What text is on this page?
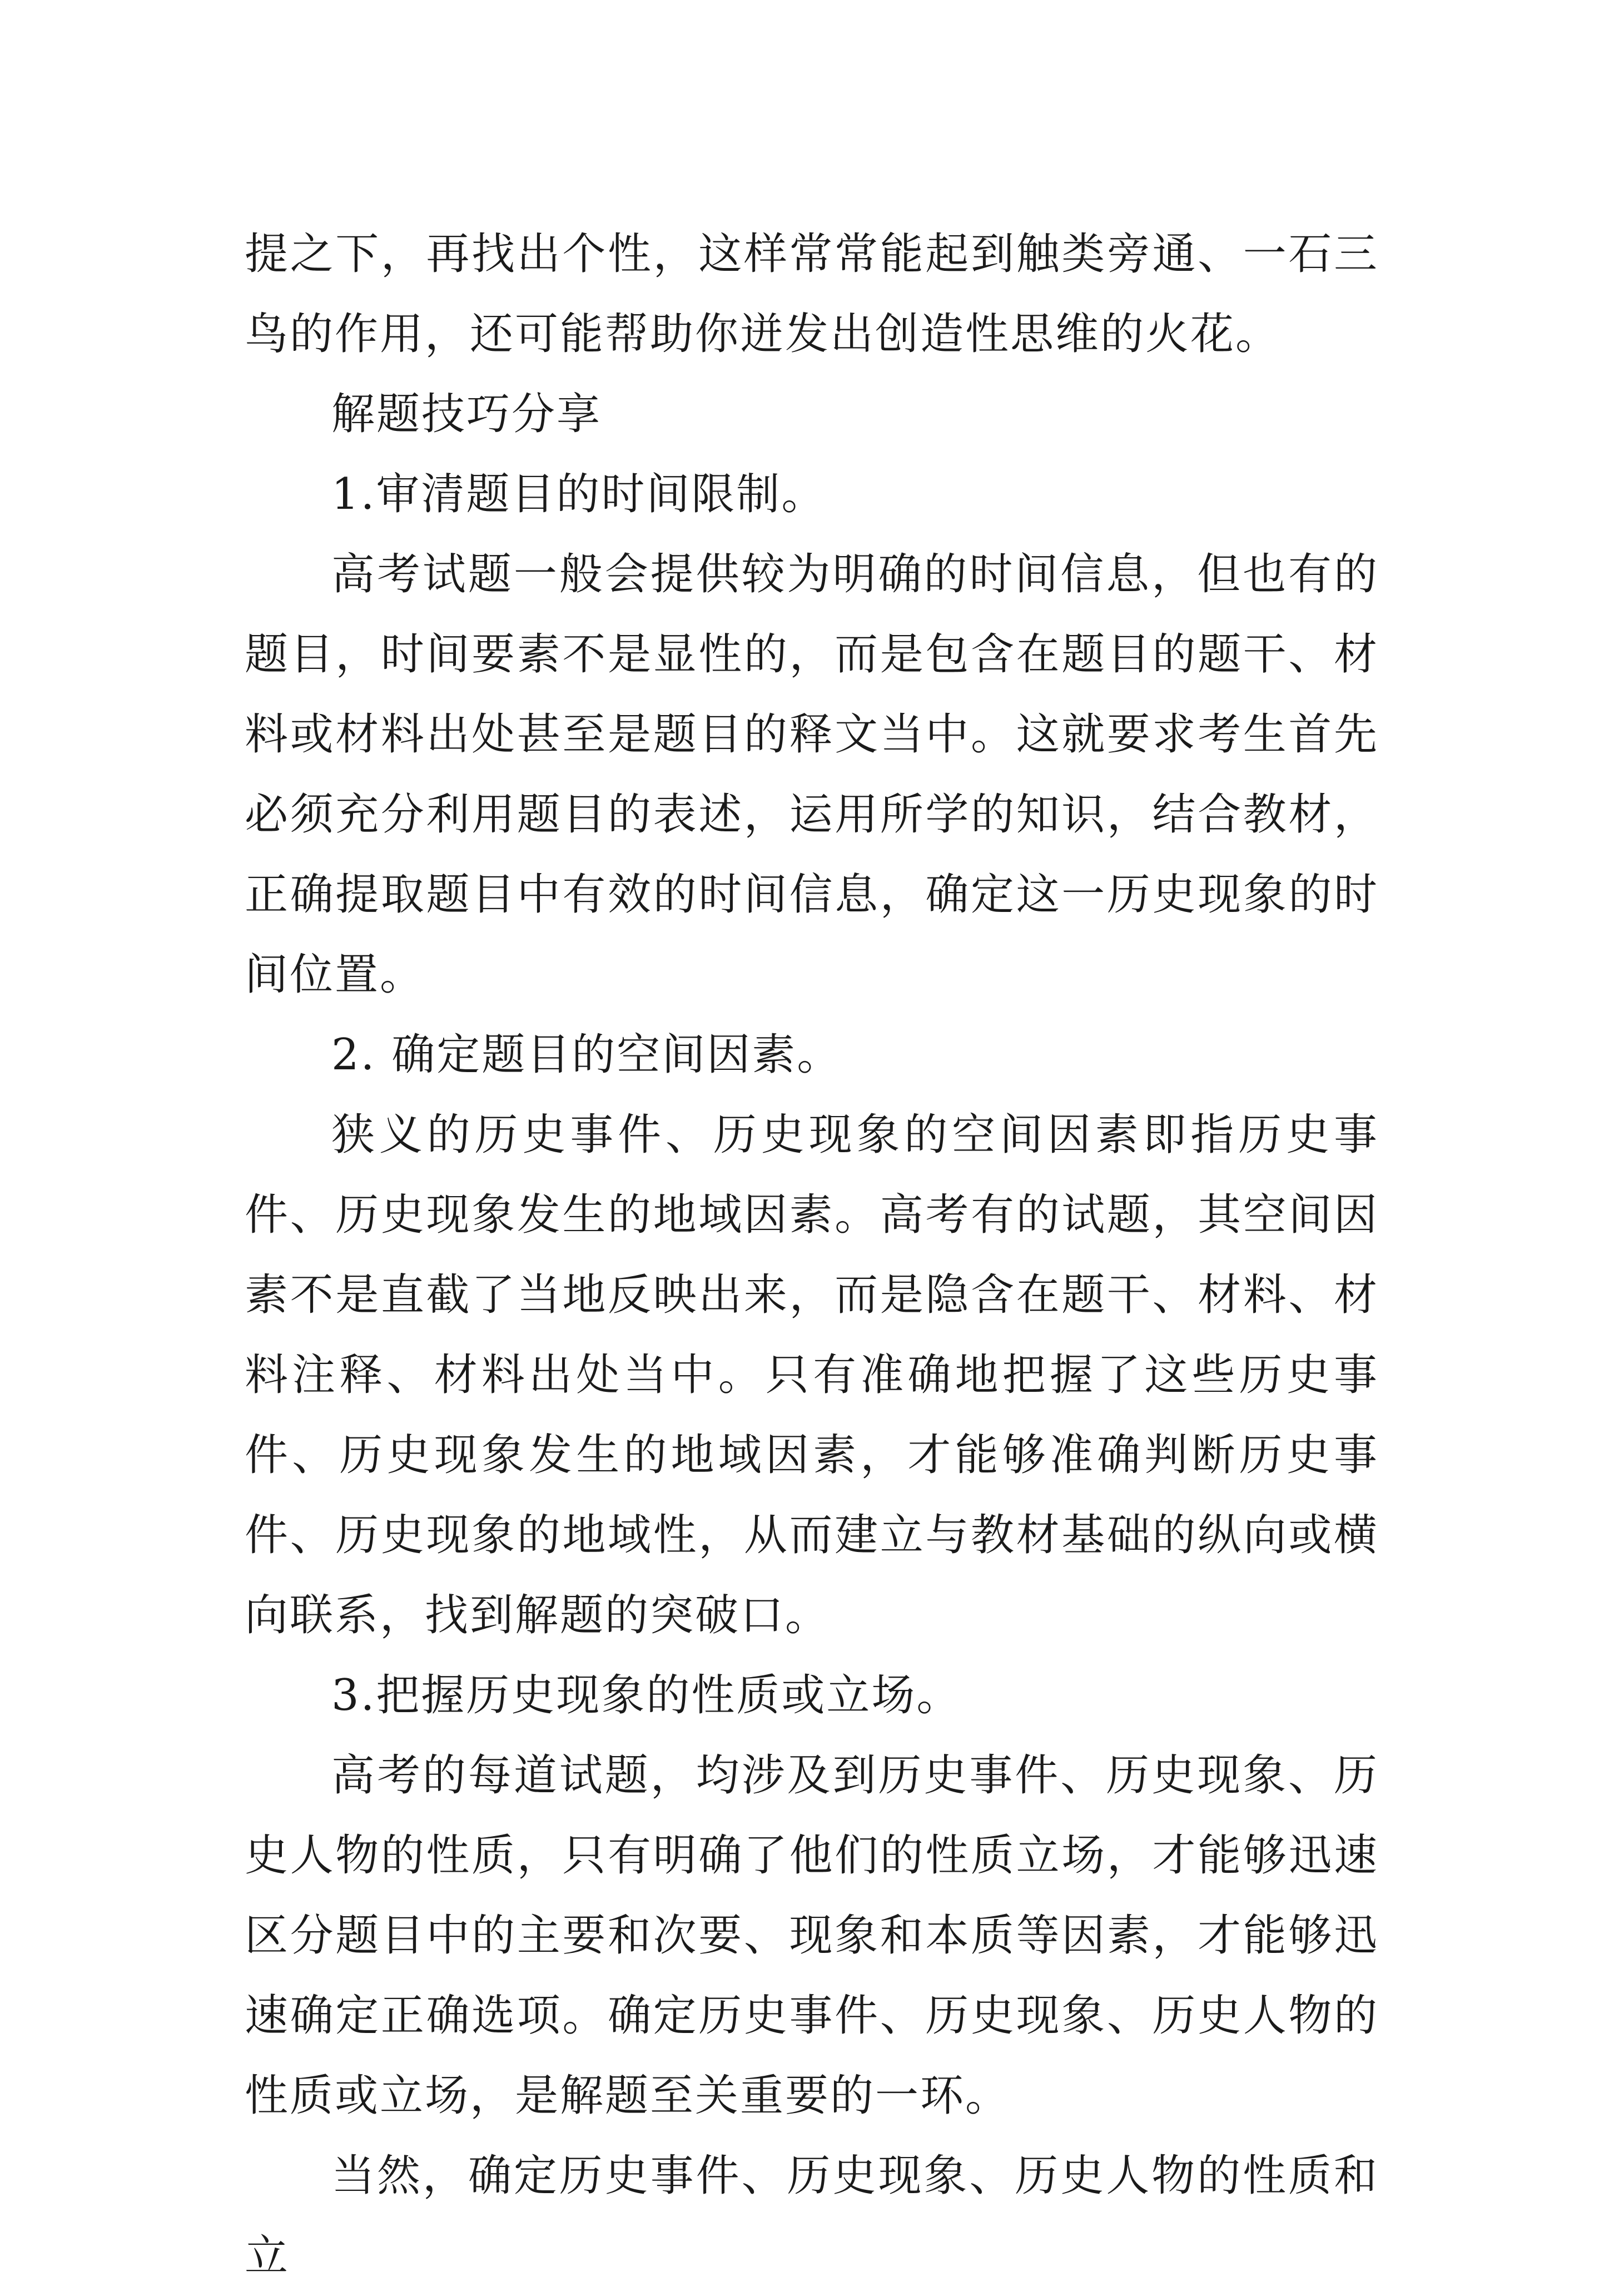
提之下，再找出个性，这样常常能起到触类旁通、一石三鸟的作用，还可能帮助你迸发出创造性思维的火花。

解题技巧分享

1.审清题目的时间限制。

高考试题一般会提供较为明确的时间信息，但也有的题目，时间要素不是显性的，而是包含在题目的题干、材料或材料出处甚至是题目的释文当中。这就要求考生首先必须充分利用题目的表述，运用所学的知识，结合教材，正确提取题目中有效的时间信息，确定这一历史现象的时间位置。

2. 确定题目的空间因素。

狭义的历史事件、历史现象的空间因素即指历史事件、历史现象发生的地域因素。高考有的试题，其空间因素不是直截了当地反映出来，而是隐含在题干、材料、材料注释、材料出处当中。只有准确地把握了这些历史事件、历史现象发生的地域因素，才能够准确判断历史事件、历史现象的地域性，从而建立与教材基础的纵向或横向联系，找到解题的突破口。

3.把握历史现象的性质或立场。

高考的每道试题，均涉及到历史事件、历史现象、历史人物的性质，只有明确了他们的性质立场，才能够迅速区分题目中的主要和次要、现象和本质等因素，才能够迅速确定正确选项。确定历史事件、历史现象、历史人物的性质或立场，是解题至关重要的一环。

当然，确定历史事件、历史现象、历史人物的性质和立
